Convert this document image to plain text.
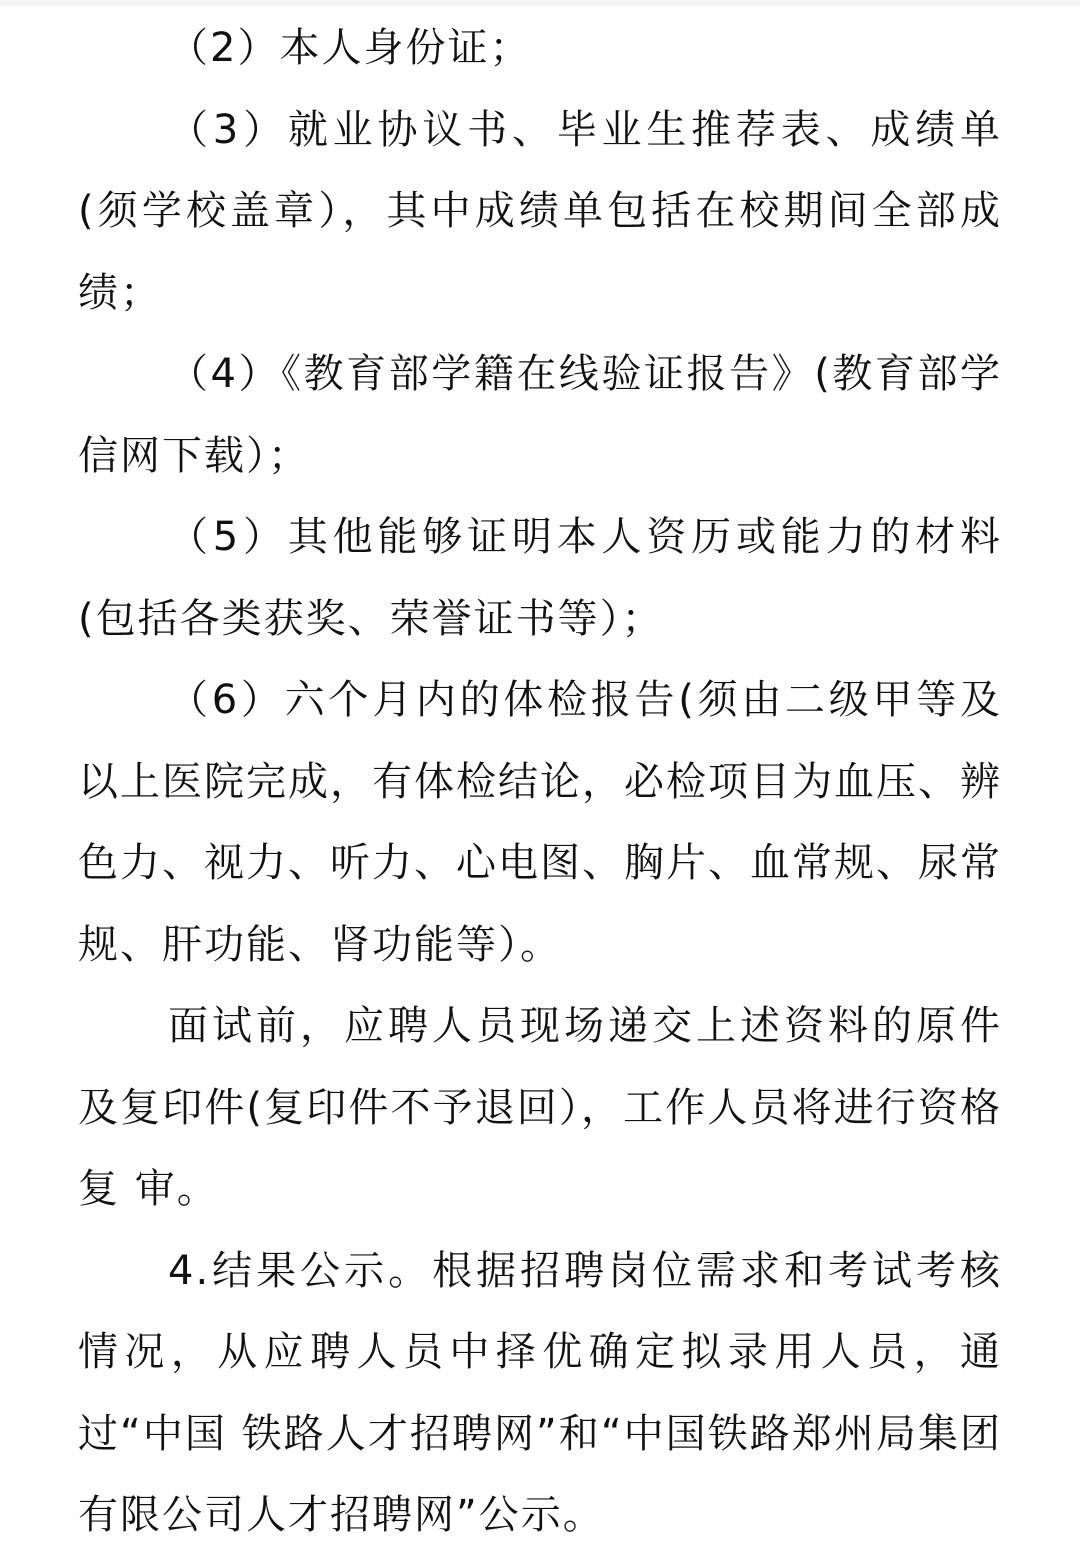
（2）本人身份证；

（3）就业协议书、毕业生推荐表、成绩单(须学校盖章），其中成绩单包括在校期间全部成绩；

（4）《教育部学籍在线验证报告》(教育部学信网下载）；

（5）其他能够证明本人资历或能力的材料(包括各类获奖、荣誉证书等）；

（6）六个月内的体检报告(须由二级甲等及以上医院完成，有体检结论，必检项目为血压、辨色力、视力、听力、心电图、胸片、血常规、尿常规、肝功能、肾功能等）。

面试前，应聘人员现场递交上述资料的原件及复印件(复印件不予退回），工作人员将进行资格复 审。

4.结果公示。根据招聘岗位需求和考试考核情况，从应聘人员中择优确定拟录用人员，通过“中国 铁路人才招聘网”和“中国铁路郑州局集团有限公司人才招聘网”公示。
